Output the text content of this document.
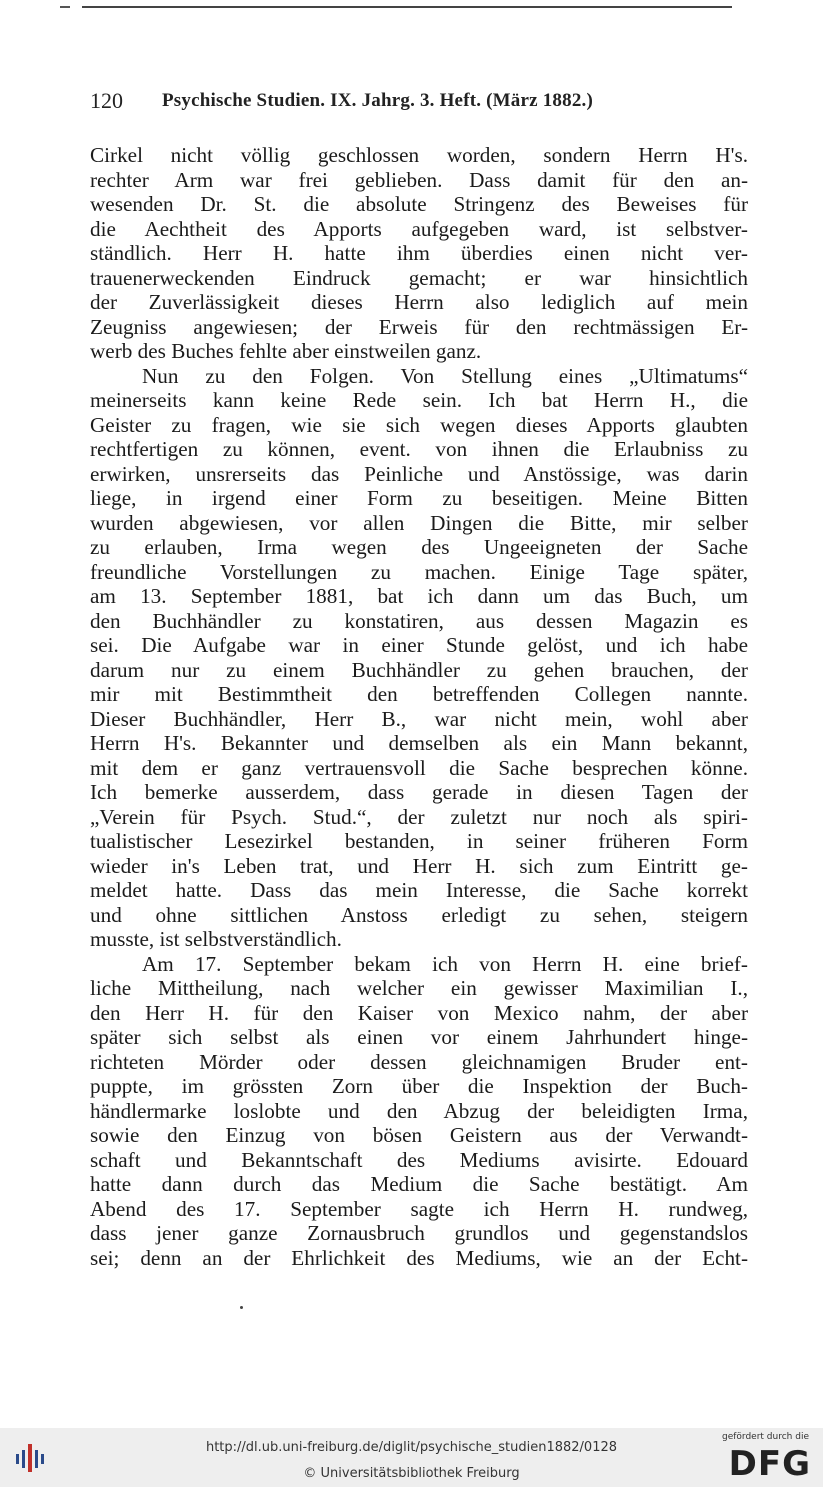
120 Psychische Studien. IX. Jahrg. 3. Heft. (März 1882.)
Cirkel nicht völlig geschlossen worden, sondern Herrn H's.
rechter Arm war frei geblieben. Dass damit für den an-
wesenden Dr. St. die absolute Stringenz des Beweises für
die Aechtheit des Apports aufgegeben ward, ist selbstver-
ständlich. Herr H. hatte ihm überdies einen nicht ver-
trauenerweckenden Eindruck gemacht; er war hinsichtlich
der Zuverlässigkeit dieses Herrn also lediglich auf mein
Zeugniss angewiesen; der Erweis für den rechtmässigen Er-
werb des Buches fehlte aber einstweilen ganz.
Nun zu den Folgen. Von Stellung eines „Ultimatums“
meinerseits kann keine Rede sein. Ich bat Herrn H., die
Geister zu fragen, wie sie sich wegen dieses Apports glaubten
rechtfertigen zu können, event. von ihnen die Erlaubniss zu
erwirken, unsrerseits das Peinliche und Anstössige, was darin
liege, in irgend einer Form zu beseitigen. Meine Bitten
wurden abgewiesen, vor allen Dingen die Bitte, mir selber
zu erlauben, Irma wegen des Ungeeigneten der Sache
freundliche Vorstellungen zu machen. Einige Tage später,
am 13. September 1881, bat ich dann um das Buch, um
den Buchhändler zu konstatiren, aus dessen Magazin es
sei. Die Aufgabe war in einer Stunde gelöst, und ich habe
darum nur zu einem Buchhändler zu gehen brauchen, der
mir mit Bestimmtheit den betreffenden Collegen nannte.
Dieser Buchhändler, Herr B., war nicht mein, wohl aber
Herrn H's. Bekannter und demselben als ein Mann bekannt,
mit dem er ganz vertrauensvoll die Sache besprechen könne.
Ich bemerke ausserdem, dass gerade in diesen Tagen der
„Verein für Psych. Stud.“, der zuletzt nur noch als spiri-
tualistischer Lesezirkel bestanden, in seiner früheren Form
wieder in's Leben trat, und Herr H. sich zum Eintritt ge-
meldet hatte. Dass das mein Interesse, die Sache korrekt
und ohne sittlichen Anstoss erledigt zu sehen, steigern
musste, ist selbstverständlich.
Am 17. September bekam ich von Herrn H. eine brief-
liche Mittheilung, nach welcher ein gewisser Maximilian I.,
den Herr H. für den Kaiser von Mexico nahm, der aber
später sich selbst als einen vor einem Jahrhundert hinge-
richteten Mörder oder dessen gleichnamigen Bruder ent-
puppte, im grössten Zorn über die Inspektion der Buch-
händlermarke loslobte und den Abzug der beleidigten Irma,
sowie den Einzug von bösen Geistern aus der Verwandt-
schaft und Bekanntschaft des Mediums avisirte. Edouard
hatte dann durch das Medium die Sache bestätigt. Am
Abend des 17. September sagte ich Herrn H. rundweg,
dass jener ganze Zornausbruch grundlos und gegenstandslos
sei; denn an der Ehrlichkeit des Mediums, wie an der Echt-
http://dl.ub.uni-freiburg.de/diglit/psychische_studien1882/0128
© Universitätsbibliothek Freiburg
gefördert durch die
DFG
